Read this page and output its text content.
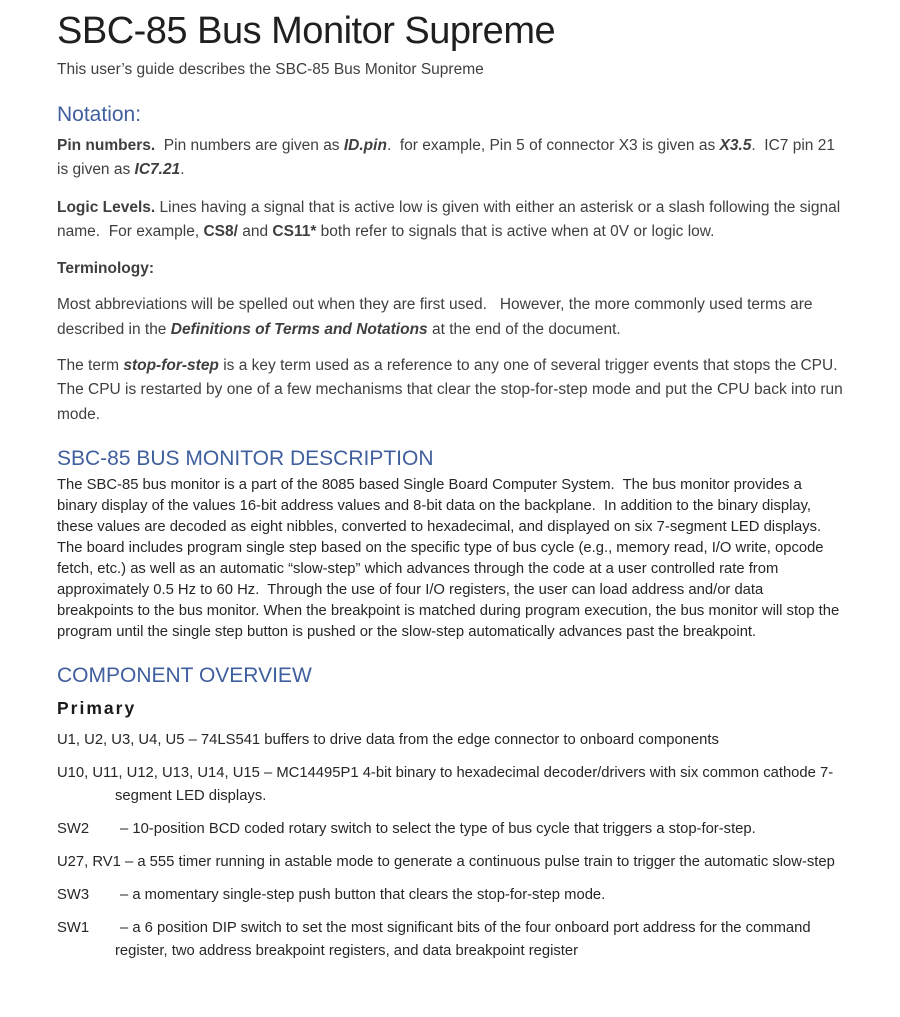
SBC-85 Bus Monitor Supreme

This user’s guide describes the SBC-85 Bus Monitor Supreme

Notation:

Pin numbers.  Pin numbers are given as ID.pin.  for example, Pin 5 of connector X3 is given as X3.5.  IC7 pin 21 is given as IC7.21.

Logic Levels. Lines having a signal that is active low is given with either an asterisk or a slash following the signal name.  For example, CS8/ and CS11* both refer to signals that is active when at 0V or logic low.

Terminology:

Most abbreviations will be spelled out when they are first used.   However, the more commonly used terms are described in the Definitions of Terms and Notations at the end of the document.

The term stop-for-step is a key term used as a reference to any one of several trigger events that stops the CPU.  The CPU is restarted by one of a few mechanisms that clear the stop-for-step mode and put the CPU back into run mode.

SBC-85 BUS MONITOR DESCRIPTION

The SBC-85 bus monitor is a part of the 8085 based Single Board Computer System.  The bus monitor provides a binary display of the values 16-bit address values and 8-bit data on the backplane.  In addition to the binary display, these values are decoded as eight nibbles, converted to hexadecimal, and displayed on six 7-segment LED displays.  The board includes program single step based on the specific type of bus cycle (e.g., memory read, I/O write, opcode fetch, etc.) as well as an automatic “slow-step” which advances through the code at a user controlled rate from approximately 0.5 Hz to 60 Hz.  Through the use of four I/O registers, the user can load address and/or data breakpoints to the bus monitor. When the breakpoint is matched during program execution, the bus monitor will stop the program until the single step button is pushed or the slow-step automatically advances past the breakpoint.

COMPONENT OVERVIEW
Primary
U1, U2, U3, U4, U5 – 74LS541 buffers to drive data from the edge connector to onboard components
U10, U11, U12, U13, U14, U15 – MC14495P1 4-bit binary to hexadecimal decoder/drivers with six common cathode 7-segment LED displays.
SW2 – 10-position BCD coded rotary switch to select the type of bus cycle that triggers a stop-for-step.
U27, RV1 – a 555 timer running in astable mode to generate a continuous pulse train to trigger the automatic slow-step
SW3 – a momentary single-step push button that clears the stop-for-step mode.
SW1 – a 6 position DIP switch to set the most significant bits of the four onboard port address for the command register, two address breakpoint registers, and data breakpoint register
